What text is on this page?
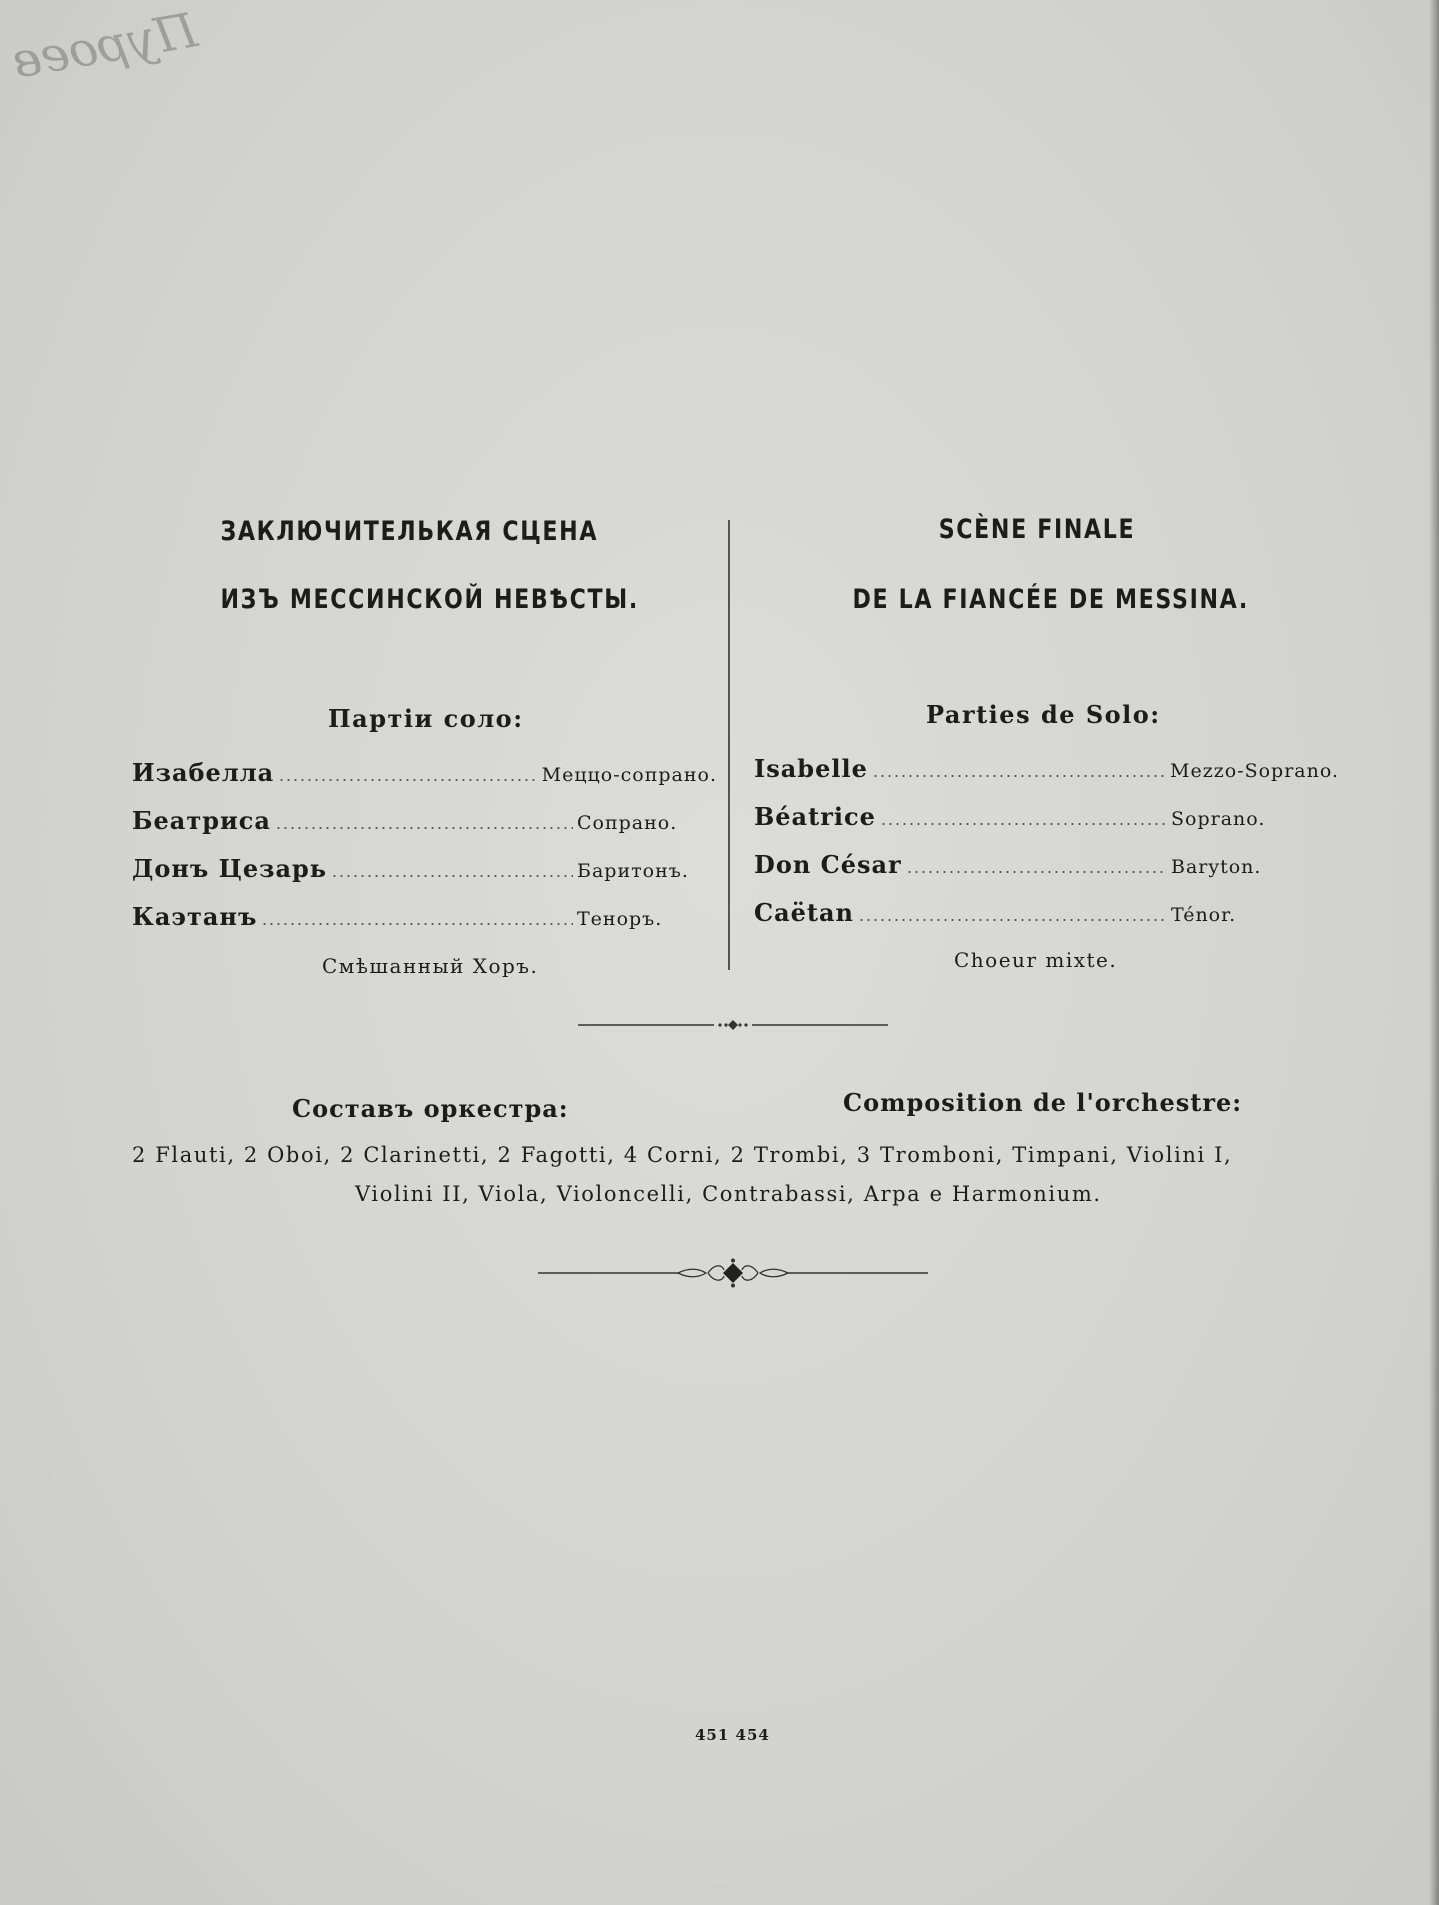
Пуроев
ЗАКЛЮЧИТЕЛЬКАЯ СЦЕНА
ИЗЪ МЕССИНСКОЙ НЕВѢСТЫ.
SCÈNE FINALE
DE LA FIANCÉE DE MESSINA.
Партіи соло:	Parties de Solo:
Изабелла	Меццо-сопрано.
Беатриса	Сопрано.
Донъ Цезарь	Баритонъ.
Каэтанъ	Теноръ.
Isabelle	Mezzo-Soprano.
Béatrice	Soprano.
Don César	Baryton.
Caëtan	Ténor.
Смѣшанный Хоръ.	Choeur mixte.
Составъ оркестра:	Composition de l'orchestre:
2 Flauti, 2 Oboi, 2 Clarinetti, 2 Fagotti, 4 Corni, 2 Trombi, 3 Tromboni, Timpani, Violini I,
Violini II, Viola, Violoncelli, Contrabassi, Arpa e Harmonium.
451 454
